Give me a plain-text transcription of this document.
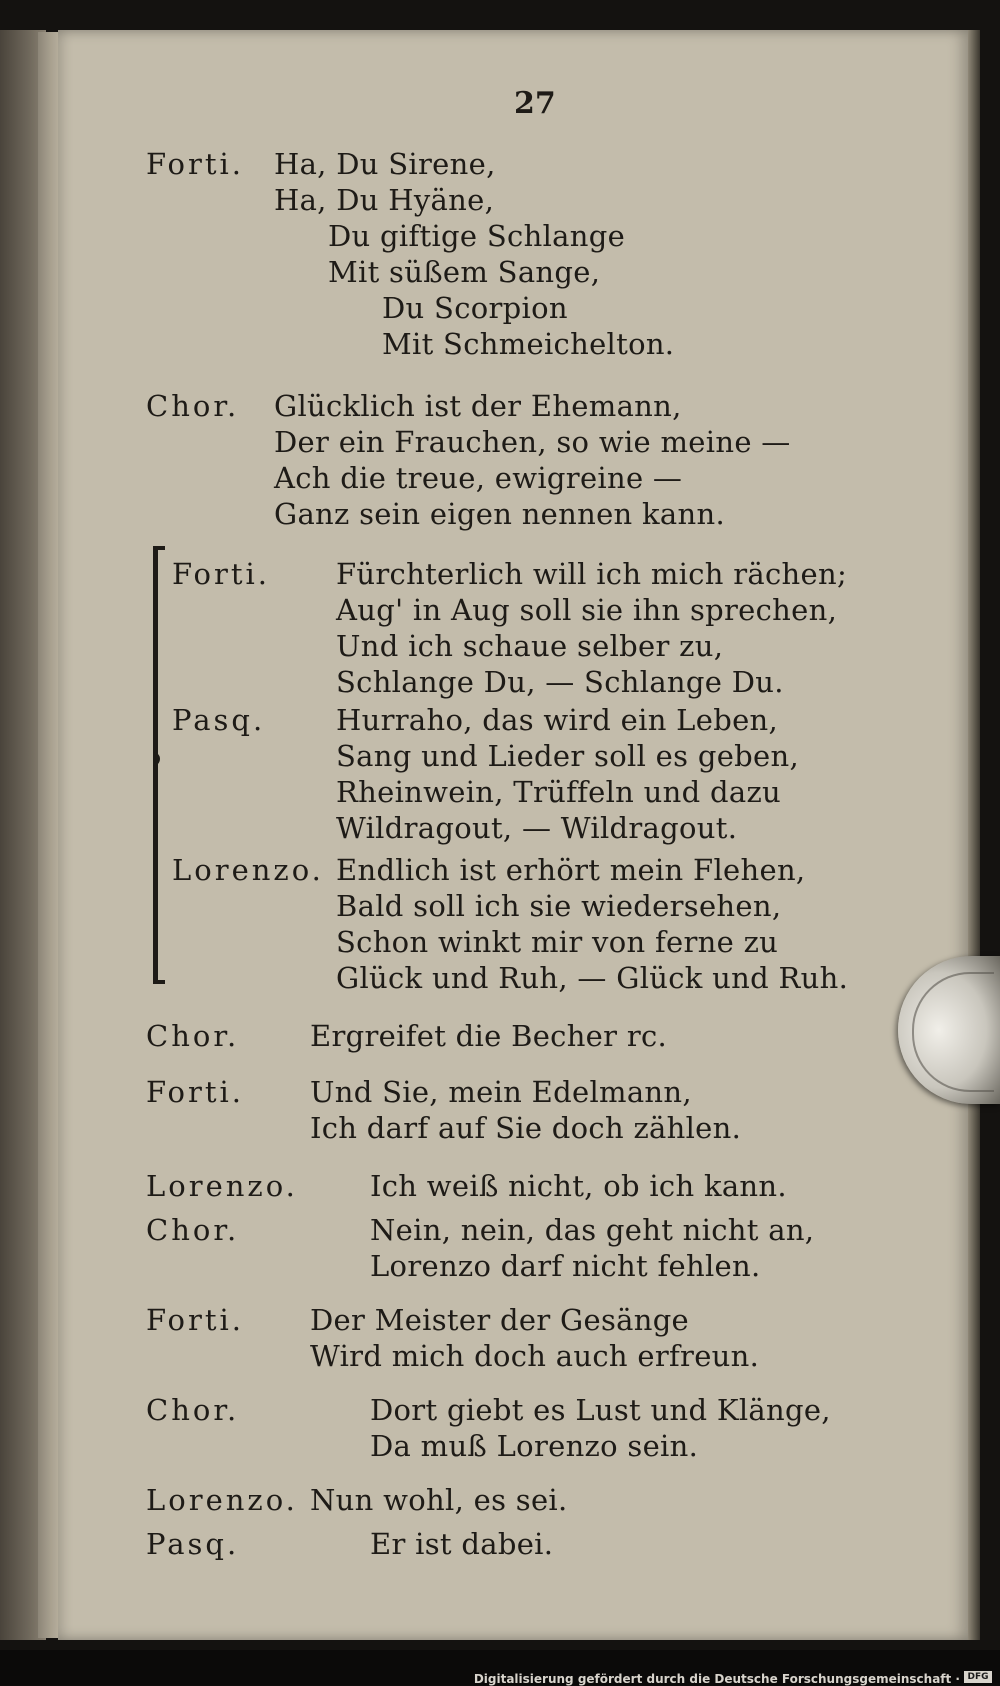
27
Forti. Ha, Du Sirene,
Ha, Du Hyäne,
Du giftige Schlange
Mit süßem Sange,
Du Scorpion
Mit Schmeichelton.
Chor. Glücklich ist der Ehemann,
Der ein Frauchen, so wie meine —
Ach die treue, ewigreine —
Ganz sein eigen nennen kann.
Forti. Fürchterlich will ich mich rächen;
Aug' in Aug soll sie ihn sprechen,
Und ich schaue selber zu,
Schlange Du, — Schlange Du.
Pasq. Hurraho, das wird ein Leben,
Sang und Lieder soll es geben,
Rheinwein, Trüffeln und dazu
Wildragout, — Wildragout.
Lorenzo. Endlich ist erhört mein Flehen,
Bald soll ich sie wiedersehen,
Schon winkt mir von ferne zu
Glück und Ruh, — Glück und Ruh.
Chor. Ergreifet die Becher rc.
Forti. Und Sie, mein Edelmann,
Ich darf auf Sie doch zählen.
Lorenzo. Ich weiß nicht, ob ich kann.
Chor.	Nein, nein, das geht nicht an,
Lorenzo darf nicht fehlen.
Forti. Der Meister der Gesänge
Wird mich doch auch erfreun.
Chor.	Dort giebt es Lust und Klänge,
Da muß Lorenzo sein.
Lorenzo. Nun wohl, es sei.
Pasq.	Er ist dabei.
Digitalisierung gefördert durch die Deutsche Forschungsgemeinschaft · DFG
